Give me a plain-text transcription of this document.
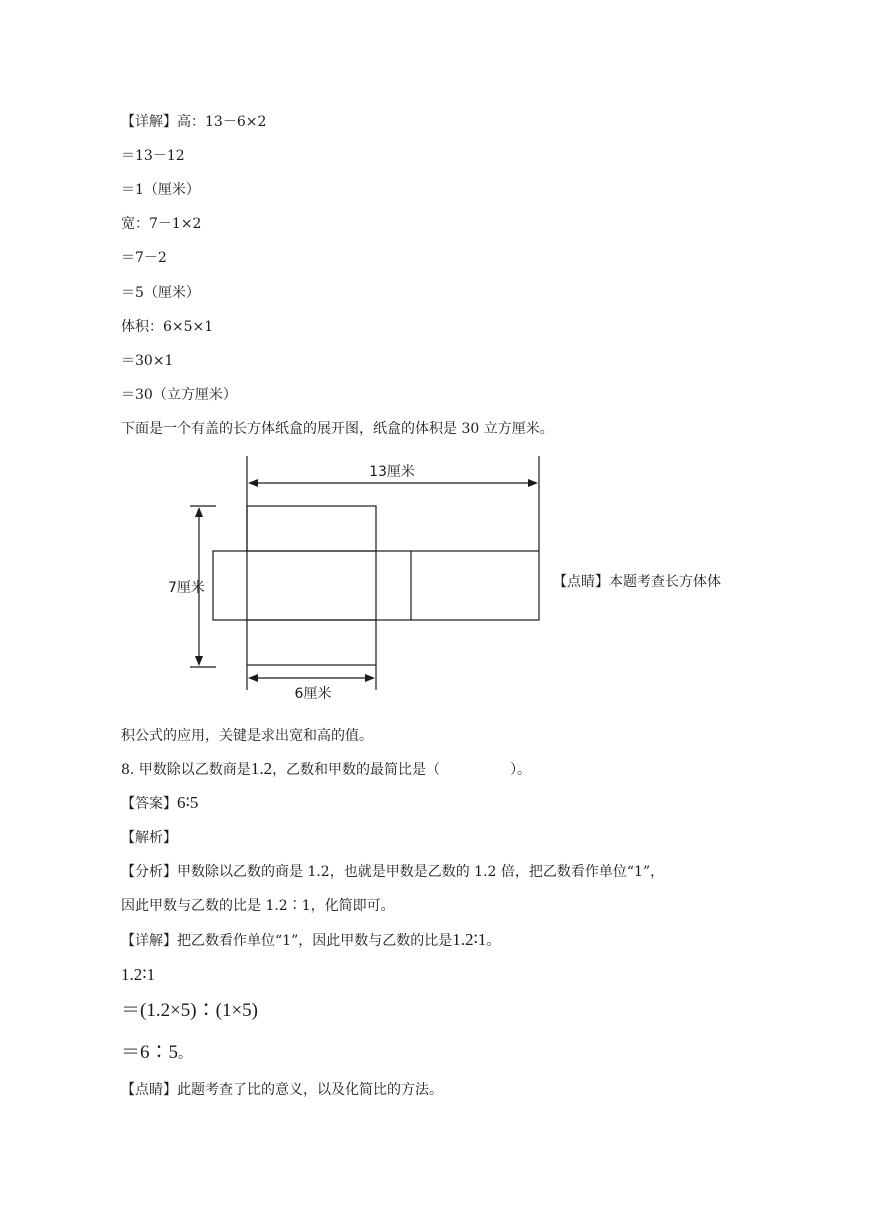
【详解】高：13－6×2
＝13－12
＝1（厘米）
宽：7－1×2
＝7－2
＝5（厘米）
体积：6×5×1
＝30×1
＝30（立方厘米）
下面是一个有盖的长方体纸盒的展开图，纸盒的体积是 30 立方厘米。
13厘米
7厘米
6厘米
【点睛】本题考查长方体体
积公式的应用，关键是求出宽和高的值。
8. 甲数除以乙数商是1.2，乙数和甲数的最简比是（	）。
【答案】6∶5
【解析】
【分析】甲数除以乙数的商是 1.2，也就是甲数是乙数的 1.2 倍，把乙数看作单位“1”，
因此甲数与乙数的比是 1.2∶1，化简即可。
【详解】把乙数看作单位“1”，因此甲数与乙数的比是1.2∶1。
1.2∶1
＝(1.2×5)∶(1×5)
＝6∶5。
【点睛】此题考查了比的意义，以及化简比的方法。
